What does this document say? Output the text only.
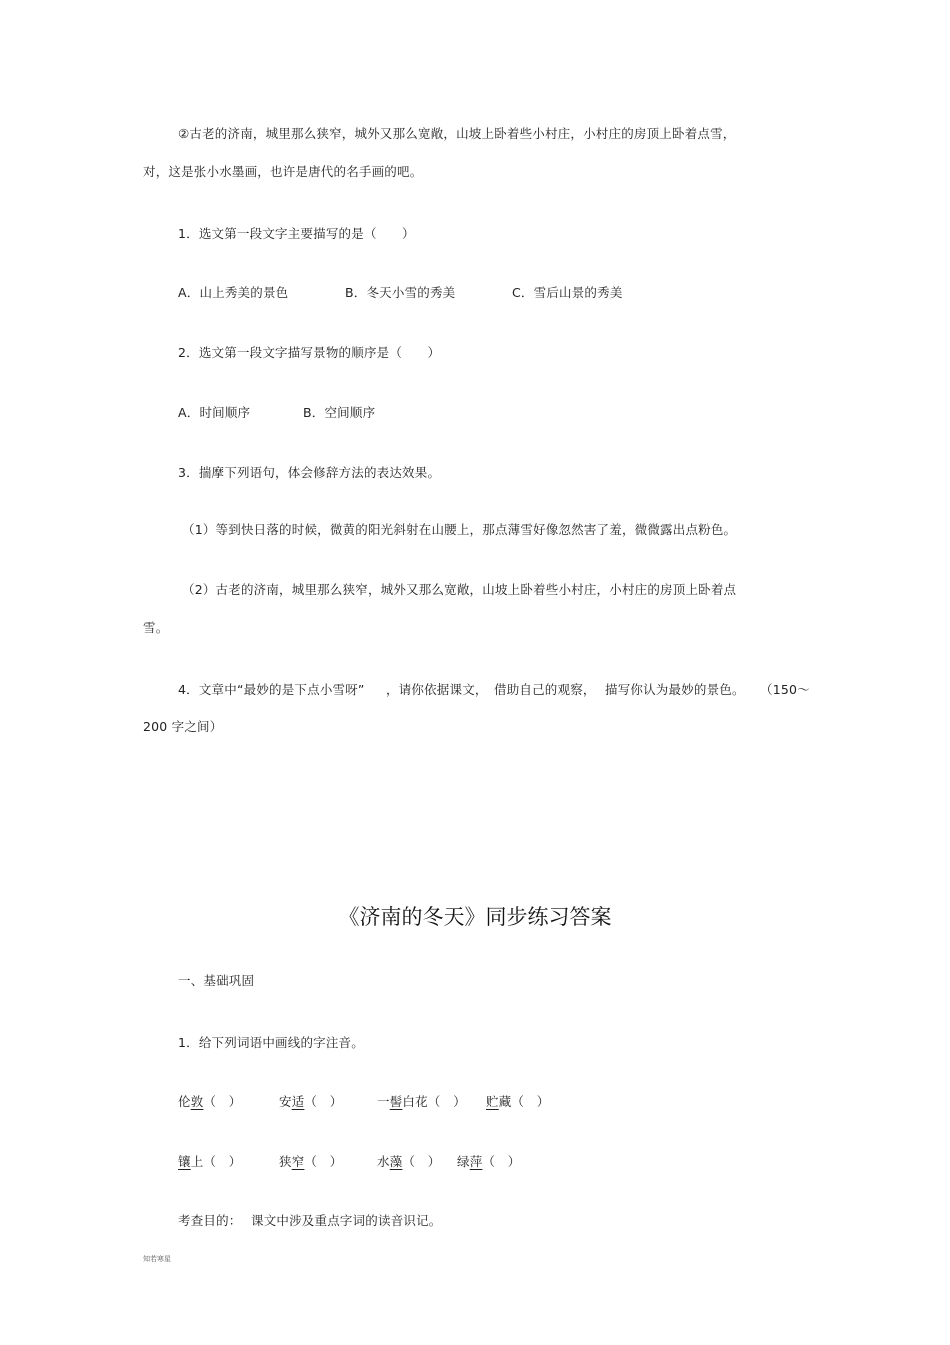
②古老的济南，城里那么狭窄，城外又那么宽敞，山坡上卧着些小村庄，小村庄的房顶上卧着点雪，
对，这是张小水墨画，也许是唐代的名手画的吧。
1．选文第一段文字主要描写的是（　　）
A．山上秀美的景色	B．冬天小雪的秀美	C．雪后山景的秀美
2．选文第一段文字描写景物的顺序是（　　）
A．时间顺序	B．空间顺序
3．揣摩下列语句，体会修辞方法的表达效果。
（1）等到快日落的时候，微黄的阳光斜射在山腰上，那点薄雪好像忽然害了羞，微微露出点粉色。
（2）古老的济南，城里那么狭窄，城外又那么宽敞，山坡上卧着些小村庄，小村庄的房顶上卧着点
雪。
4．文章中“最妙的是下点小雪呀” ，请你依据课文， 借助自己的观察， 描写你认为最妙的景色。 （150～
200 字之间）
《济南的冬天》同步练习答案
一、基础巩固
1．给下列词语中画线的字注音。
伦敦（　）	安适（　）	一髻白花（　） 贮藏（　）
镶上（　）	狭窄（　）	水藻（　） 绿萍（　）
考查目的： 课文中涉及重点字词的读音识记。
知若寒星
